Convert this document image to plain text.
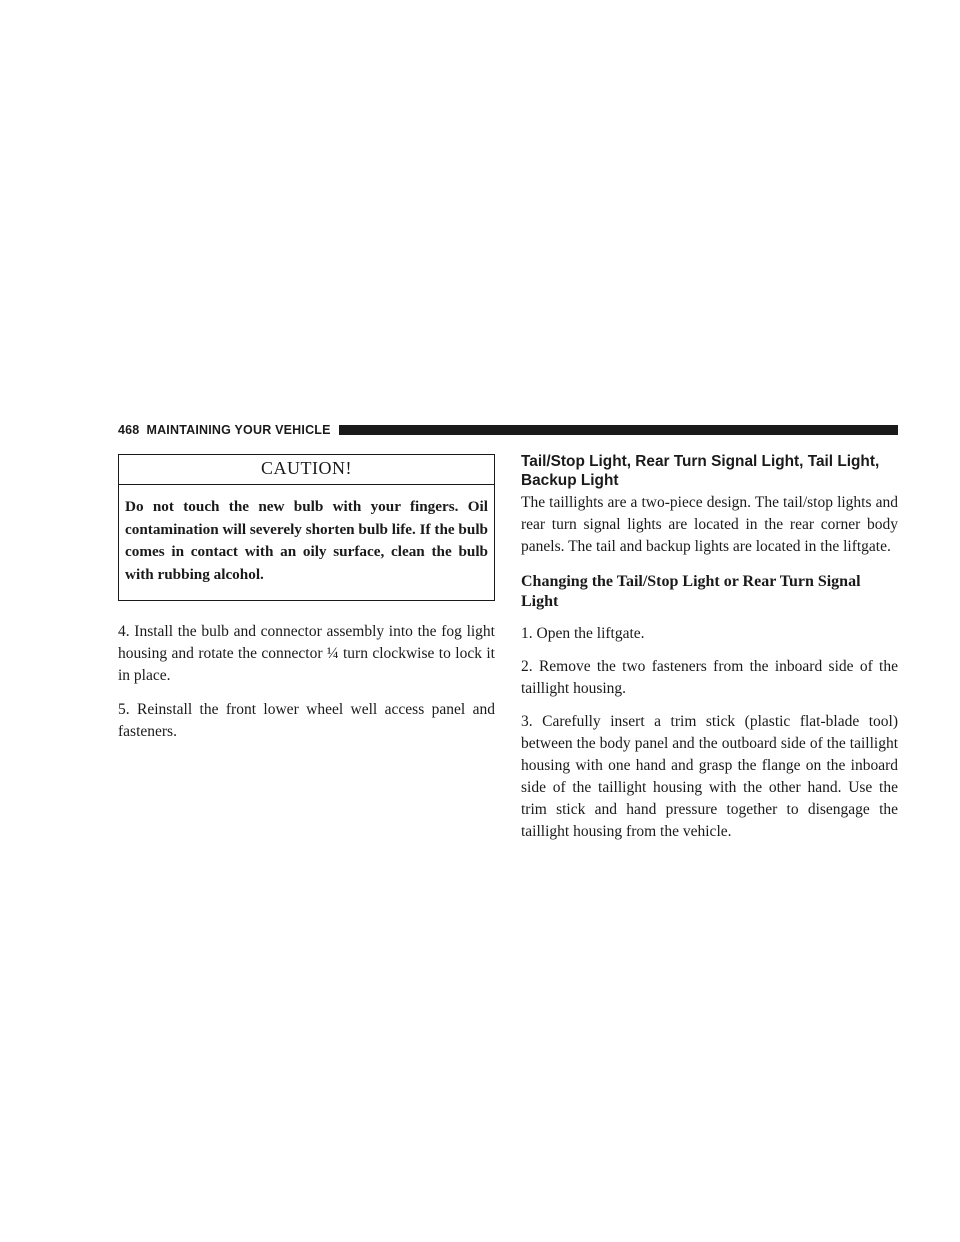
468 MAINTAINING YOUR VEHICLE
CAUTION!
Do not touch the new bulb with your fingers. Oil contamination will severely shorten bulb life. If the bulb comes in contact with an oily surface, clean the bulb with rubbing alcohol.

4. Install the bulb and connector assembly into the fog light housing and rotate the connector ¼ turn clockwise to lock it in place.

5. Reinstall the front lower wheel well access panel and fasteners.

Tail/Stop Light, Rear Turn Signal Light, Tail Light, Backup Light

The taillights are a two-piece design. The tail/stop lights and rear turn signal lights are located in the rear corner body panels. The tail and backup lights are located in the liftgate.

Changing the Tail/Stop Light or Rear Turn Signal Light

1. Open the liftgate.

2. Remove the two fasteners from the inboard side of the taillight housing.

3. Carefully insert a trim stick (plastic flat-blade tool) between the body panel and the outboard side of the taillight housing with one hand and grasp the flange on the inboard side of the taillight housing with the other hand. Use the trim stick and hand pressure together to disengage the taillight housing from the vehicle.
